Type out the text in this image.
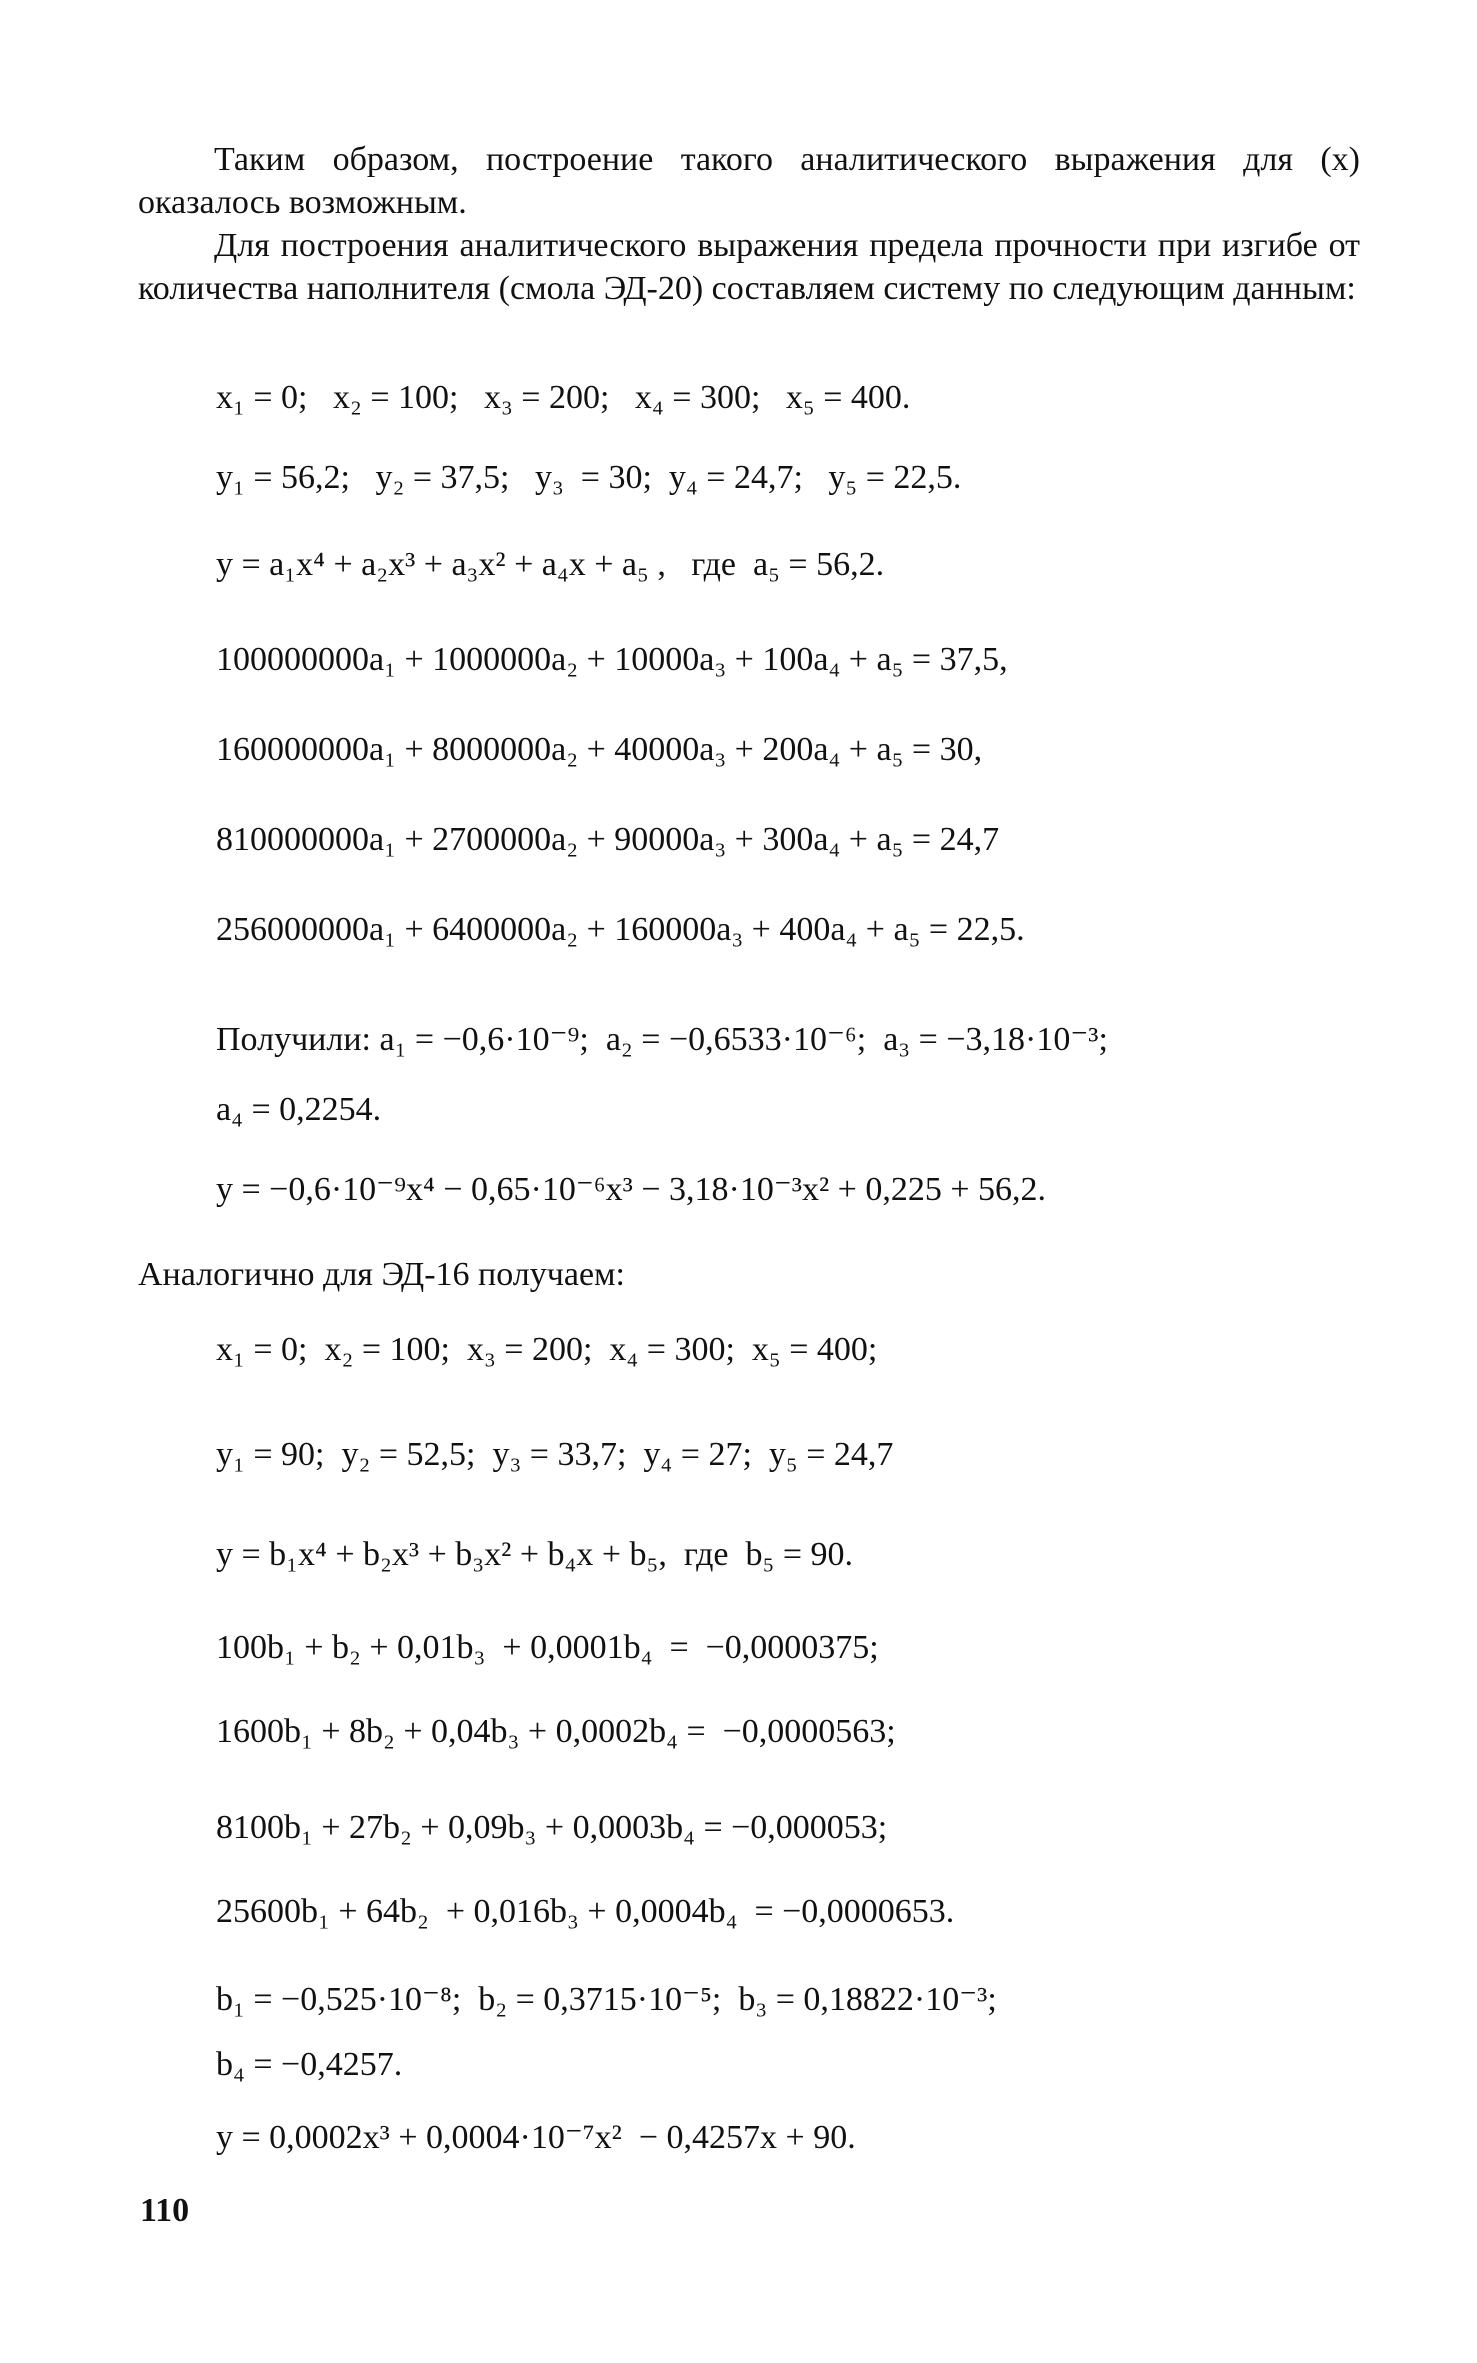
Таким образом, построение такого аналитического выражения для (х) оказалось возможным.

Для построения аналитического выражения предела прочности при изгибе от количества наполнителя (смола ЭД-20) составляем систему по следующим данным:

x₁ = 0;   x₂ = 100;   x₃ = 200;   x₄ = 300;   x₅ = 400.

y₁ = 56,2;   y₂ = 37,5;   y₃  = 30;  y₄ = 24,7;   y₅ = 22,5.

y = a₁x⁴ + a₂x³ + a₃x² + a₄x + a₅ ,   где  a₅ = 56,2.

100000000a₁ + 1000000a₂ + 10000a₃ + 100a₄ + a₅ = 37,5,

160000000a₁ + 8000000a₂ + 40000a₃ + 200a₄ + a₅ = 30,

810000000a₁ + 2700000a₂ + 90000a₃ + 300a₄ + a₅ = 24,7

256000000a₁ + 6400000a₂ + 160000a₃ + 400a₄ + a₅ = 22,5.

Получили: a₁ = −0,6·10⁻⁹;  a₂ = −0,6533·10⁻⁶;  a₃ = −3,18·10⁻³;

a₄ = 0,2254.

y = −0,6·10⁻⁹x⁴ − 0,65·10⁻⁶x³ − 3,18·10⁻³x² + 0,225 + 56,2.

Аналогично для ЭД-16 получаем:

x₁ = 0;  x₂ = 100;  x₃ = 200;  x₄ = 300;  x₅ = 400;

y₁ = 90;  y₂ = 52,5;  y₃ = 33,7;  y₄ = 27;  y₅ = 24,7

y = b₁x⁴ + b₂x³ + b₃x² + b₄x + b₅,  где  b₅ = 90.

100b₁ + b₂ + 0,01b₃  + 0,0001b₄  =  −0,0000375;

1600b₁ + 8b₂ + 0,04b₃ + 0,0002b₄ =  −0,0000563;

8100b₁ + 27b₂ + 0,09b₃ + 0,0003b₄ = −0,000053;

25600b₁ + 64b₂  + 0,016b₃ + 0,0004b₄  = −0,0000653.

b₁ = −0,525·10⁻⁸;  b₂ = 0,3715·10⁻⁵;  b₃ = 0,18822·10⁻³;

b₄ = −0,4257.

y = 0,0002x³ + 0,0004·10⁻⁷x²  − 0,4257x + 90.

110
